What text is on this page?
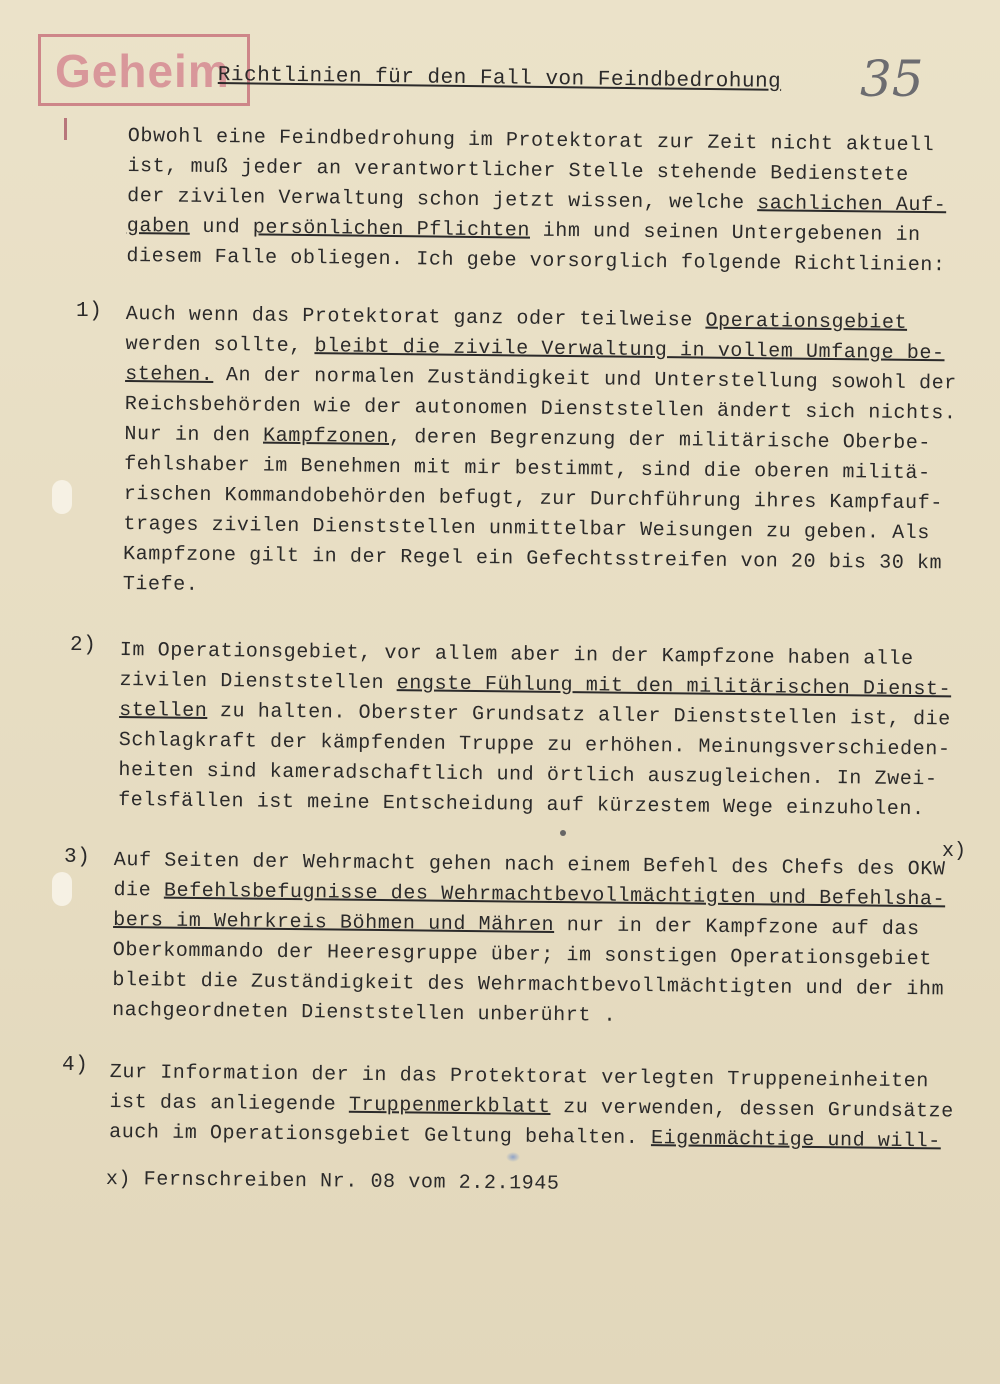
Geheim	35
Richtlinien für den Fall von Feindbedrohung
Obwohl eine Feindbedrohung im Protektorat zur Zeit nicht aktuell
ist, muß jeder an verantwortlicher Stelle stehende Bedienstete
der zivilen Verwaltung schon jetzt wissen, welche sachlichen Auf-
gaben und persönlichen Pflichten ihm und seinen Untergebenen in
diesem Falle obliegen. Ich gebe vorsorglich folgende Richtlinien:
1) Auch wenn das Protektorat ganz oder teilweise Operationsgebiet
werden sollte, bleibt die zivile Verwaltung in vollem Umfange be-
stehen. An der normalen Zuständigkeit und Unterstellung sowohl der
Reichsbehörden wie der autonomen Dienststellen ändert sich nichts.
Nur in den Kampfzonen, deren Begrenzung der militärische Oberbe-
fehlshaber im Benehmen mit mir bestimmt, sind die oberen militä-
rischen Kommandobehörden befugt, zur Durchführung ihres Kampfauf-
trages zivilen Dienststellen unmittelbar Weisungen zu geben. Als
Kampfzone gilt in der Regel ein Gefechtsstreifen von 20 bis 30 km
Tiefe.
2) Im Operationsgebiet, vor allem aber in der Kampfzone haben alle
zivilen Dienststellen engste Fühlung mit den militärischen Dienst-
stellen zu halten. Oberster Grundsatz aller Dienststellen ist, die
Schlagkraft der kämpfenden Truppe zu erhöhen. Meinungsverschieden-
heiten sind kameradschaftlich und örtlich auszugleichen. In Zwei-
felsfällen ist meine Entscheidung auf kürzestem Wege einzuholen.
3) Auf Seiten der Wehrmacht gehen nach einem Befehl des Chefs des OKW
die Befehlsbefugnisse des Wehrmachtbevollmächtigten und Befehlsha-
bers im Wehrkreis Böhmen und Mähren nur in der Kampfzone auf das
Oberkommando der Heeresgruppe über; im sonstigen Operationsgebiet
bleibt die Zuständigkeit des Wehrmachtbevollmächtigten und der ihm
nachgeordneten Dienststellen unberührt .
x)
4) Zur Information der in das Protektorat verlegten Truppeneinheiten
ist das anliegende Truppenmerkblatt zu verwenden, dessen Grundsätze
auch im Operationsgebiet Geltung behalten. Eigenmächtige und will-
x) Fernschreiben Nr. 08 vom 2.2.1945
